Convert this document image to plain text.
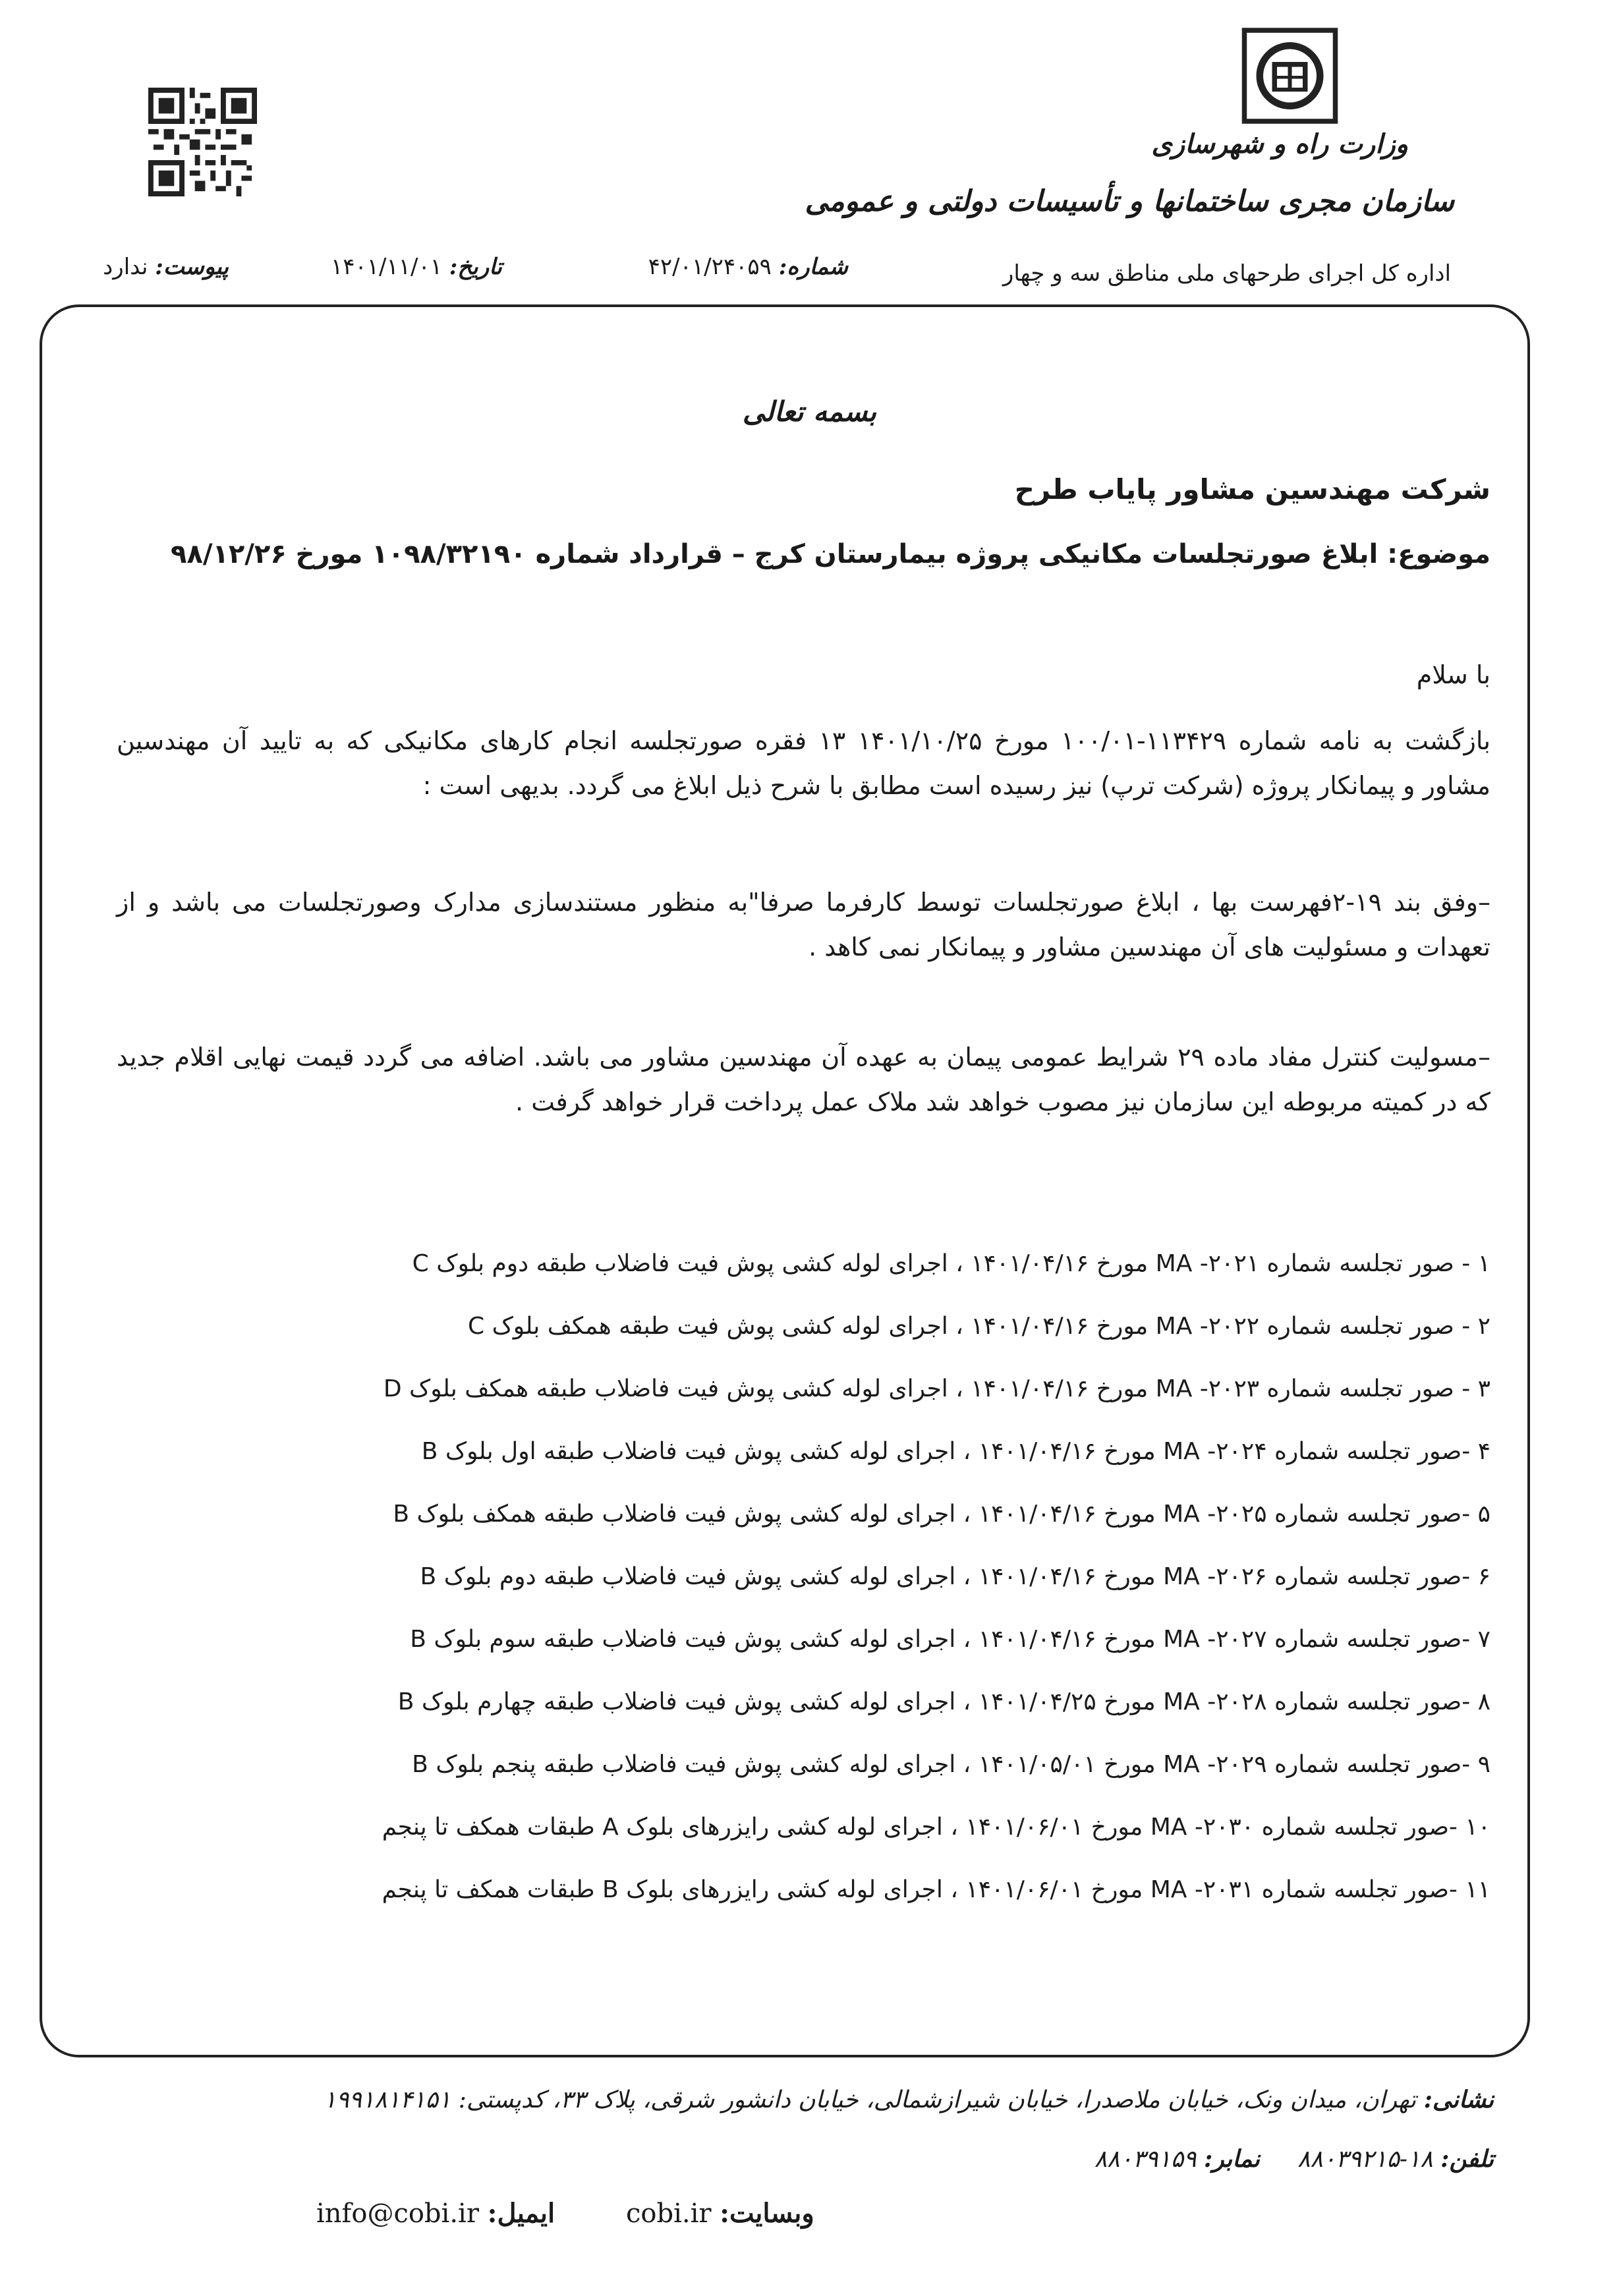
وزارت راه و شهرسازی
سازمان مجری ساختمانها و تأسیسات دولتی و عمومی
اداره کل اجرای طرحهای ملی مناطق سه و چهار
شماره: ۴۲/۰۱/۲۴۰۵۹
تاریخ: ۱۴۰۱/۱۱/۰۱
پیوست: ندارد
بسمه تعالی
شرکت مهندسین مشاور پایاب طرح
موضوع: ابلاغ صورتجلسات مکانیکی پروژه بیمارستان کرج – قرارداد شماره ۱۰۹۸/۳۲۱۹۰ مورخ ۹۸/۱۲/۲۶
با سلام
بازگشت به نامه شماره ۱۱۳۴۲۹-۱۰۰/۰۱ مورخ ۱۴۰۱/۱۰/۲۵ ۱۳ فقره صورتجلسه انجام کارهای مکانیکی که به تایید آن مهندسین مشاور و پیمانکار پروژه (شرکت ترپ) نیز رسیده است مطابق با شرح ذیل ابلاغ می گردد. بدیهی است :
–وفق بند ۱۹-۲فهرست بها ، ابلاغ صورتجلسات توسط کارفرما صرفا"به منظور مستندسازی مدارک وصورتجلسات می باشد و از تعهدات و مسئولیت های آن مهندسین مشاور و پیمانکار نمی کاهد .
–مسولیت کنترل مفاد ماده ۲۹ شرایط عمومی پیمان به عهده آن مهندسین مشاور می باشد. اضافه می گردد قیمت نهایی اقلام جدید که در کمیته مربوطه این سازمان نیز مصوب خواهد شد ملاک عمل پرداخت قرار خواهد گرفت .
۱ - صور تجلسه شماره ۲۰۲۱- MA مورخ ۱۴۰۱/۰۴/۱۶ ، اجرای لوله کشی پوش فیت فاضلاب طبقه دوم بلوک C
۲ - صور تجلسه شماره ۲۰۲۲- MA مورخ ۱۴۰۱/۰۴/۱۶ ، اجرای لوله کشی پوش فیت طبقه همکف بلوک C
۳ - صور تجلسه شماره ۲۰۲۳- MA مورخ ۱۴۰۱/۰۴/۱۶ ، اجرای لوله کشی پوش فیت فاضلاب طبقه همکف بلوک D
۴ -صور تجلسه شماره ۲۰۲۴- MA مورخ ۱۴۰۱/۰۴/۱۶ ، اجرای لوله کشی پوش فیت فاضلاب طبقه اول بلوک B
۵ -صور تجلسه شماره ۲۰۲۵- MA مورخ ۱۴۰۱/۰۴/۱۶ ، اجرای لوله کشی پوش فیت فاضلاب طبقه همکف بلوک B
۶ -صور تجلسه شماره ۲۰۲۶- MA مورخ ۱۴۰۱/۰۴/۱۶ ، اجرای لوله کشی پوش فیت فاضلاب طبقه دوم بلوک B
۷ -صور تجلسه شماره ۲۰۲۷- MA مورخ ۱۴۰۱/۰۴/۱۶ ، اجرای لوله کشی پوش فیت فاضلاب طبقه سوم بلوک B
۸ -صور تجلسه شماره ۲۰۲۸- MA مورخ ۱۴۰۱/۰۴/۲۵ ، اجرای لوله کشی پوش فیت فاضلاب طبقه چهارم بلوک B
۹ -صور تجلسه شماره ۲۰۲۹- MA مورخ ۱۴۰۱/۰۵/۰۱ ، اجرای لوله کشی پوش فیت فاضلاب طبقه پنجم بلوک B
۱۰ -صور تجلسه شماره ۲۰۳۰- MA مورخ ۱۴۰۱/۰۶/۰۱ ، اجرای لوله کشی رایزرهای بلوک A طبقات همکف تا پنجم
۱۱ -صور تجلسه شماره ۲۰۳۱- MA مورخ ۱۴۰۱/۰۶/۰۱ ، اجرای لوله کشی رایزرهای بلوک B طبقات همکف تا پنجم
نشانی: تهران، میدان ونک، خیابان ملاصدرا، خیابان شیرازشمالی، خیابان دانشور شرقی، پلاک ۳۳، کدپستی: ۱۹۹۱۸۱۴۱۵۱
تلفن: ۱۸-۸۸۰۳۹۲۱۵     نمابر: ۸۸۰۳۹۱۵۹
cobi.ir وبسایت:
info@cobi.ir ایمیل:
